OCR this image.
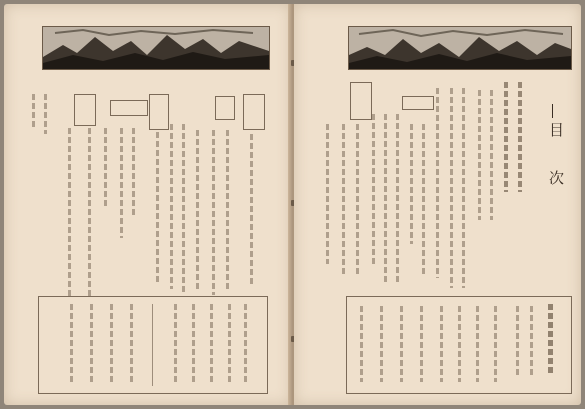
目 次
